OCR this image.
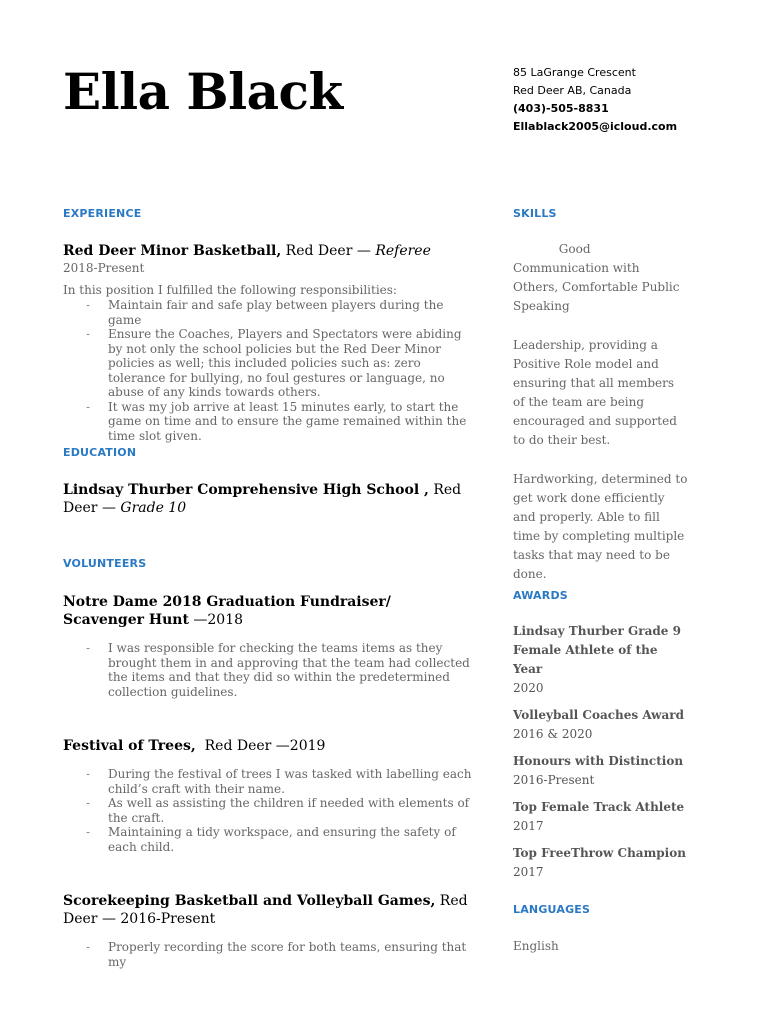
Ella Black	85 LaGrange Crescent
Red Deer AB, Canada
(403)-505-8831
Ellablack2005@icloud.com
EXPERIENCE

Red Deer Minor Basketball, Red Deer — Referee

2018-Present
In this position I fulfilled the following responsibilities:
- Maintain fair and safe play between players during the game
- Ensure the Coaches, Players and Spectators were abiding by not only the school policies but the Red Deer Minor policies as well; this included policies such as: zero tolerance for bullying, no foul gestures or language, no abuse of any kinds towards others.
- It was my job arrive at least 15 minutes early, to start the game on time and to ensure the game remained within the time slot given.
EDUCATION

Lindsay Thurber Comprehensive High School , Red Deer — Grade 10

VOLUNTEERS

Notre Dame 2018 Graduation Fundraiser/ Scavenger Hunt —2018

- I was responsible for checking the teams items as they brought them in and approving that the team had collected the items and that they did so within the predetermined collection guidelines.

Festival of Trees,  Red Deer —2019

- During the festival of trees I was tasked with labelling each child’s craft with their name.
- As well as assisting the children if needed with elements of the craft.
- Maintaining a tidy workspace, and ensuring the safety of each child.

Scorekeeping Basketball and Volleyball Games, Red Deer — 2016-Present

- Properly recording the score for both teams, ensuring that my
SKILLS

Good Communication with Others, Comfortable Public Speaking

Leadership, providing a Positive Role model and ensuring that all members of the team are being encouraged and supported to do their best.

Hardworking, determined to get work done efficiently and properly. Able to fill time by completing multiple tasks that may need to be done.

AWARDS
Lindsay Thurber Grade 9 Female Athlete of the Year
2020
Volleyball Coaches Award
2016 & 2020
Honours with Distinction
2016-Present
Top Female Track Athlete
2017
Top FreeThrow Champion
2017
LANGUAGES

English
